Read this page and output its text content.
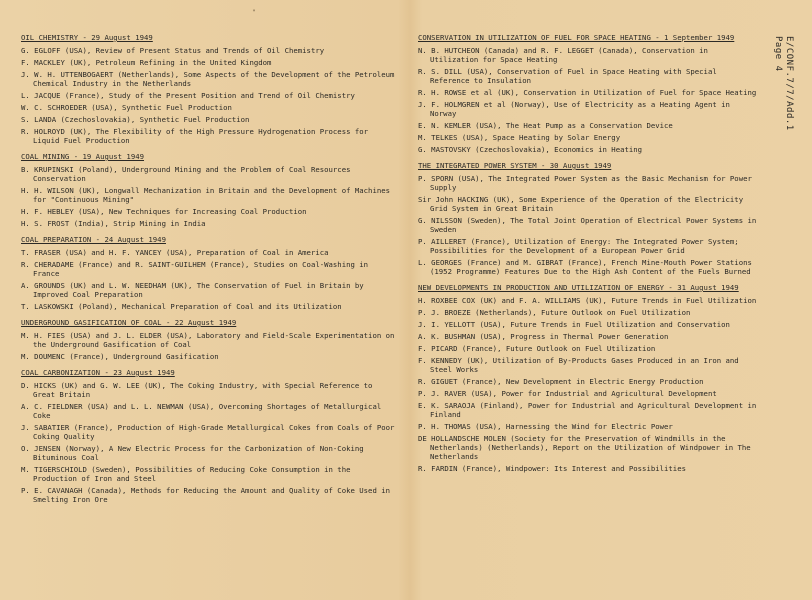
"
OIL CHEMISTRY - 29 August 1949
G. EGLOFF (USA), Review of Present Status and Trends of Oil Chemistry
F. MACKLEY (UK), Petroleum Refining in the United Kingdom
J. W. H. UTTENBOGAERT (Netherlands), Some Aspects of the Development of the Petroleum Chemical Industry in the Netherlands
L. JACQUE (France), Study of the Present Position and Trend of Oil Chemistry
W. C. SCHROEDER (USA), Synthetic Fuel Production
S. LANDA (Czechoslovakia), Synthetic Fuel Production
R. HOLROYD (UK), The Flexibility of the High Pressure Hydrogenation Process for Liquid Fuel Production
COAL MINING - 19 August 1949
B. KRUPINSKI (Poland), Underground Mining and the Problem of Coal Resources Conservation
H. H. WILSON (UK), Longwall Mechanization in Britain and the Development of Machines for "Continuous Mining"
H. F. HEBLEY (USA), New Techniques for Increasing Coal Production
H. S. FROST (India), Strip Mining in India
COAL PREPARATION - 24 August 1949
T. FRASER (USA) and H. F. YANCEY (USA), Preparation of Coal in America
R. CHERADAME (France) and R. SAINT-GUILHEM (France), Studies on Coal-Washing in France
A. GROUNDS (UK) and L. W. NEEDHAM (UK), The Conservation of Fuel in Britain by Improved Coal Preparation
T. LASKOWSKI (Poland), Mechanical Preparation of Coal and its Utilization
UNDERGROUND GASIFICATION OF COAL - 22 August 1949
M. H. FIES (USA) and J. L. ELDER (USA), Laboratory and Field-Scale Experimentation on the Underground Gasification of Coal
M. DOUMENC (France), Underground Gasification
COAL CARBONIZATION - 23 August 1949
D. HICKS (UK) and G. W. LEE (UK), The Coking Industry, with Special Reference to Great Britain
A. C. FIELDNER (USA) and L. L. NEWMAN (USA), Overcoming Shortages of Metallurgical Coke
J. SABATIER (France), Production of High-Grade Metallurgical Cokes from Coals of Poor Coking Quality
O. JENSEN (Norway), A New Electric Process for the Carbonization of Non-Coking Bituminous Coal
M. TIGERSCHIOLD (Sweden), Possibilities of Reducing Coke Consumption in the Production of Iron and Steel
P. E. CAVANAGH (Canada), Methods for Reducing the Amount and Quality of Coke Used in Smelting Iron Ore
CONSERVATION IN UTILIZATION OF FUEL FOR SPACE HEATING - 1 September 1949
N. B. HUTCHEON (Canada) and R. F. LEGGET (Canada), Conservation in Utilization for Space Heating
R. S. DILL (USA), Conservation of Fuel in Space Heating with Special Reference to Insulation
R. H. ROWSE et al (UK), Conservation in Utilization of Fuel for Space Heating
J. F. HOLMGREN et al (Norway), Use of Electricity as a Heating Agent in Norway
E. N. KEMLER (USA), The Heat Pump as a Conservation Device
M. TELKES (USA), Space Heating by Solar Energy
G. MASTOVSKY (Czechoslovakia), Economics in Heating
THE INTEGRATED POWER SYSTEM - 30 August 1949
P. SPORN (USA), The Integrated Power System as the Basic Mechanism for Power Supply
Sir John HACKING (UK), Some Experience of the Operation of the Electricity Grid System in Great Britain
G. NILSSON (Sweden), The Total Joint Operation of Electrical Power Systems in Sweden
P. AILLERET (France), Utilization of Energy: The Integrated Power System; Possibilities for the Development of a European Power Grid
L. GEORGES (France) and M. GIBRAT (France), French Mine-Mouth Power Stations (1952 Programme) Features Due to the High Ash Content of the Fuels Burned
NEW DEVELOPMENTS IN PRODUCTION AND UTILIZATION OF ENERGY - 31 August 1949
H. ROXBEE COX (UK) and F. A. WILLIAMS (UK), Future Trends in Fuel Utilization
P. J. BROEZE (Netherlands), Future Outlook on Fuel Utilization
J. I. YELLOTT (USA), Future Trends in Fuel Utilization and Conservation
A. K. BUSHMAN (USA), Progress in Thermal Power Generation
F. PICARD (France), Future Outlook on Fuel Utilization
F. KENNEDY (UK), Utilization of By-Products Gases Produced in an Iron and Steel Works
R. GIGUET (France), New Development in Electric Energy Production
P. J. RAVER (USA), Power for Industrial and Agricultural Development
E. K. SARAOJA (Finland), Power for Industrial and Agricultural Development in Finland
P. H. THOMAS (USA), Harnessing the Wind for Electric Power
DE HOLLANDSCHE MOLEN (Society for the Preservation of Windmills in the Netherlands) (Netherlands), Report on the Utilization of Windpower in The Netherlands
R. FARDIN (France), Windpower: Its Interest and Possibilities
E/CONF.7/7/Add.1
Page 4
